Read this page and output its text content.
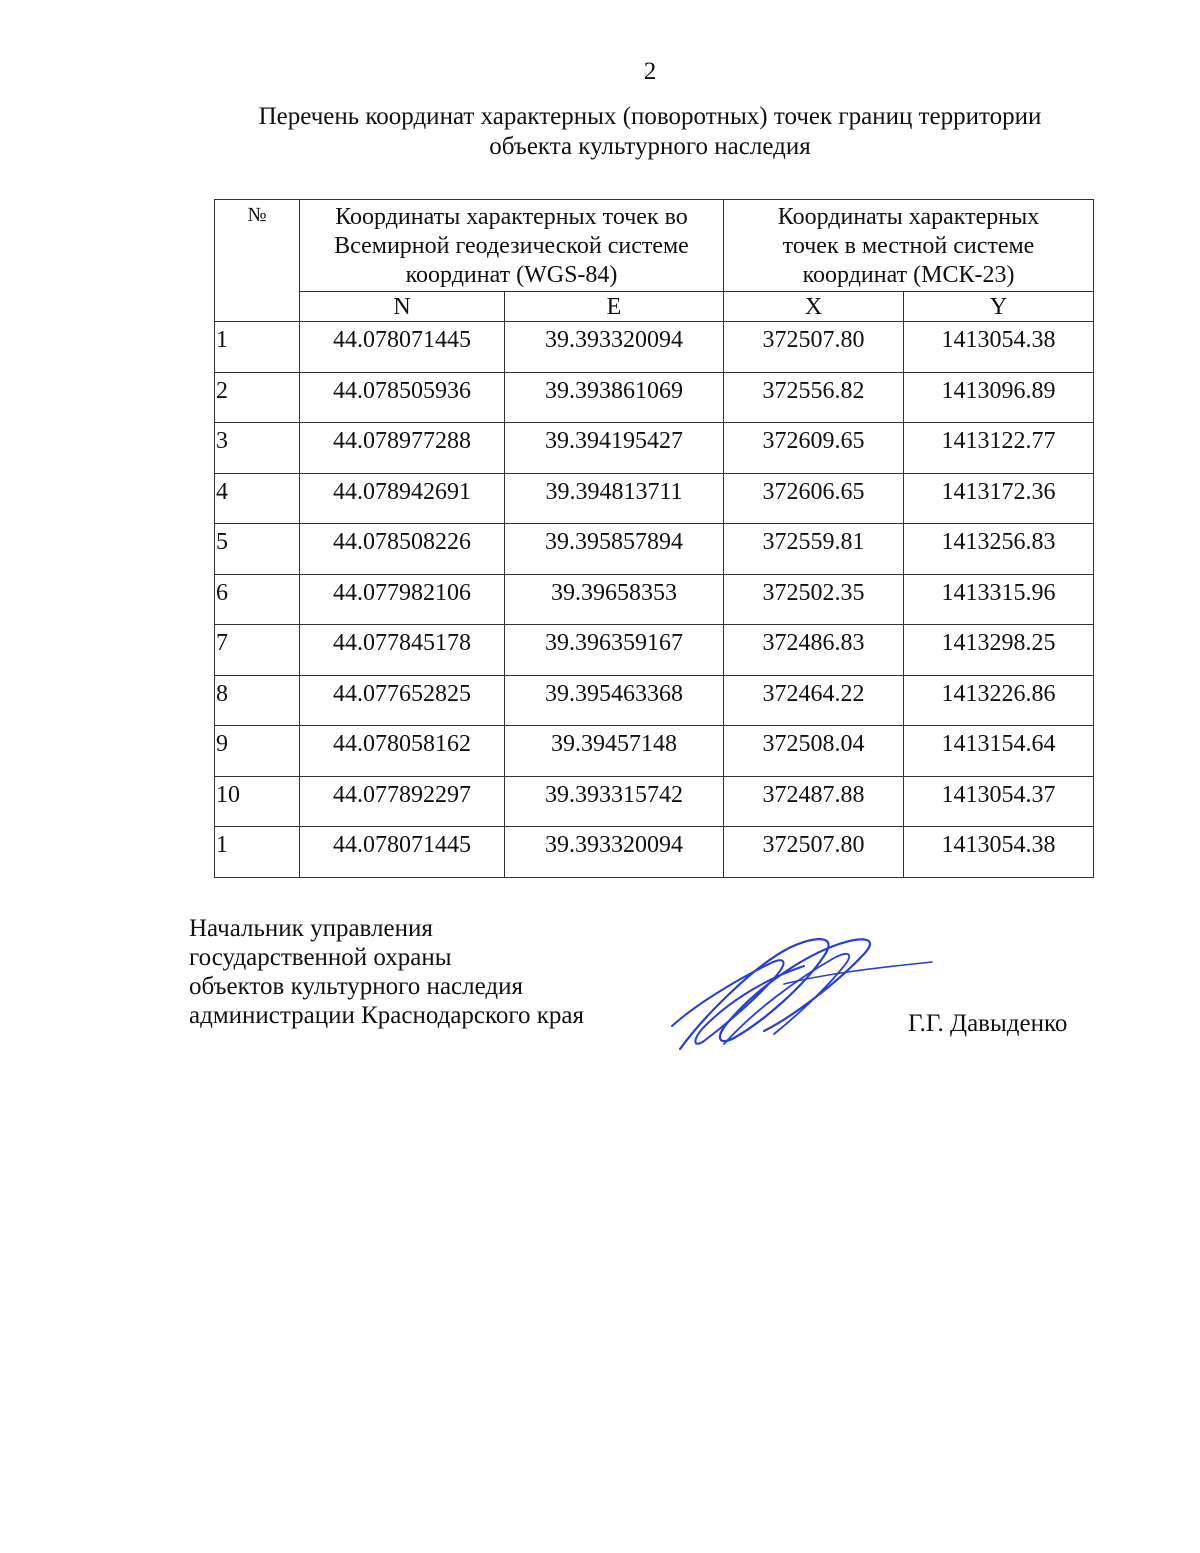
2
Перечень координат характерных (поворотных) точек границ территории
объекта культурного наследия
№	Координаты характерных точек во Всемирной геодезической системе координат (WGS-84)		Координаты характерных точек в местной системе координат (МСК-23)	
	N	E	X	Y
1	44.078071445	39.393320094	372507.80	1413054.38
2	44.078505936	39.393861069	372556.82	1413096.89
3	44.078977288	39.394195427	372609.65	1413122.77
4	44.078942691	39.394813711	372606.65	1413172.36
5	44.078508226	39.395857894	372559.81	1413256.83
6	44.077982106	39.39658353	372502.35	1413315.96
7	44.077845178	39.396359167	372486.83	1413298.25
8	44.077652825	39.395463368	372464.22	1413226.86
9	44.078058162	39.39457148	372508.04	1413154.64
10	44.077892297	39.393315742	372487.88	1413054.37
1	44.078071445	39.393320094	372507.80	1413054.38
Начальник управления
государственной охраны
объектов культурного наследия
администрации Краснодарского края	Г.Г. Давыденко
